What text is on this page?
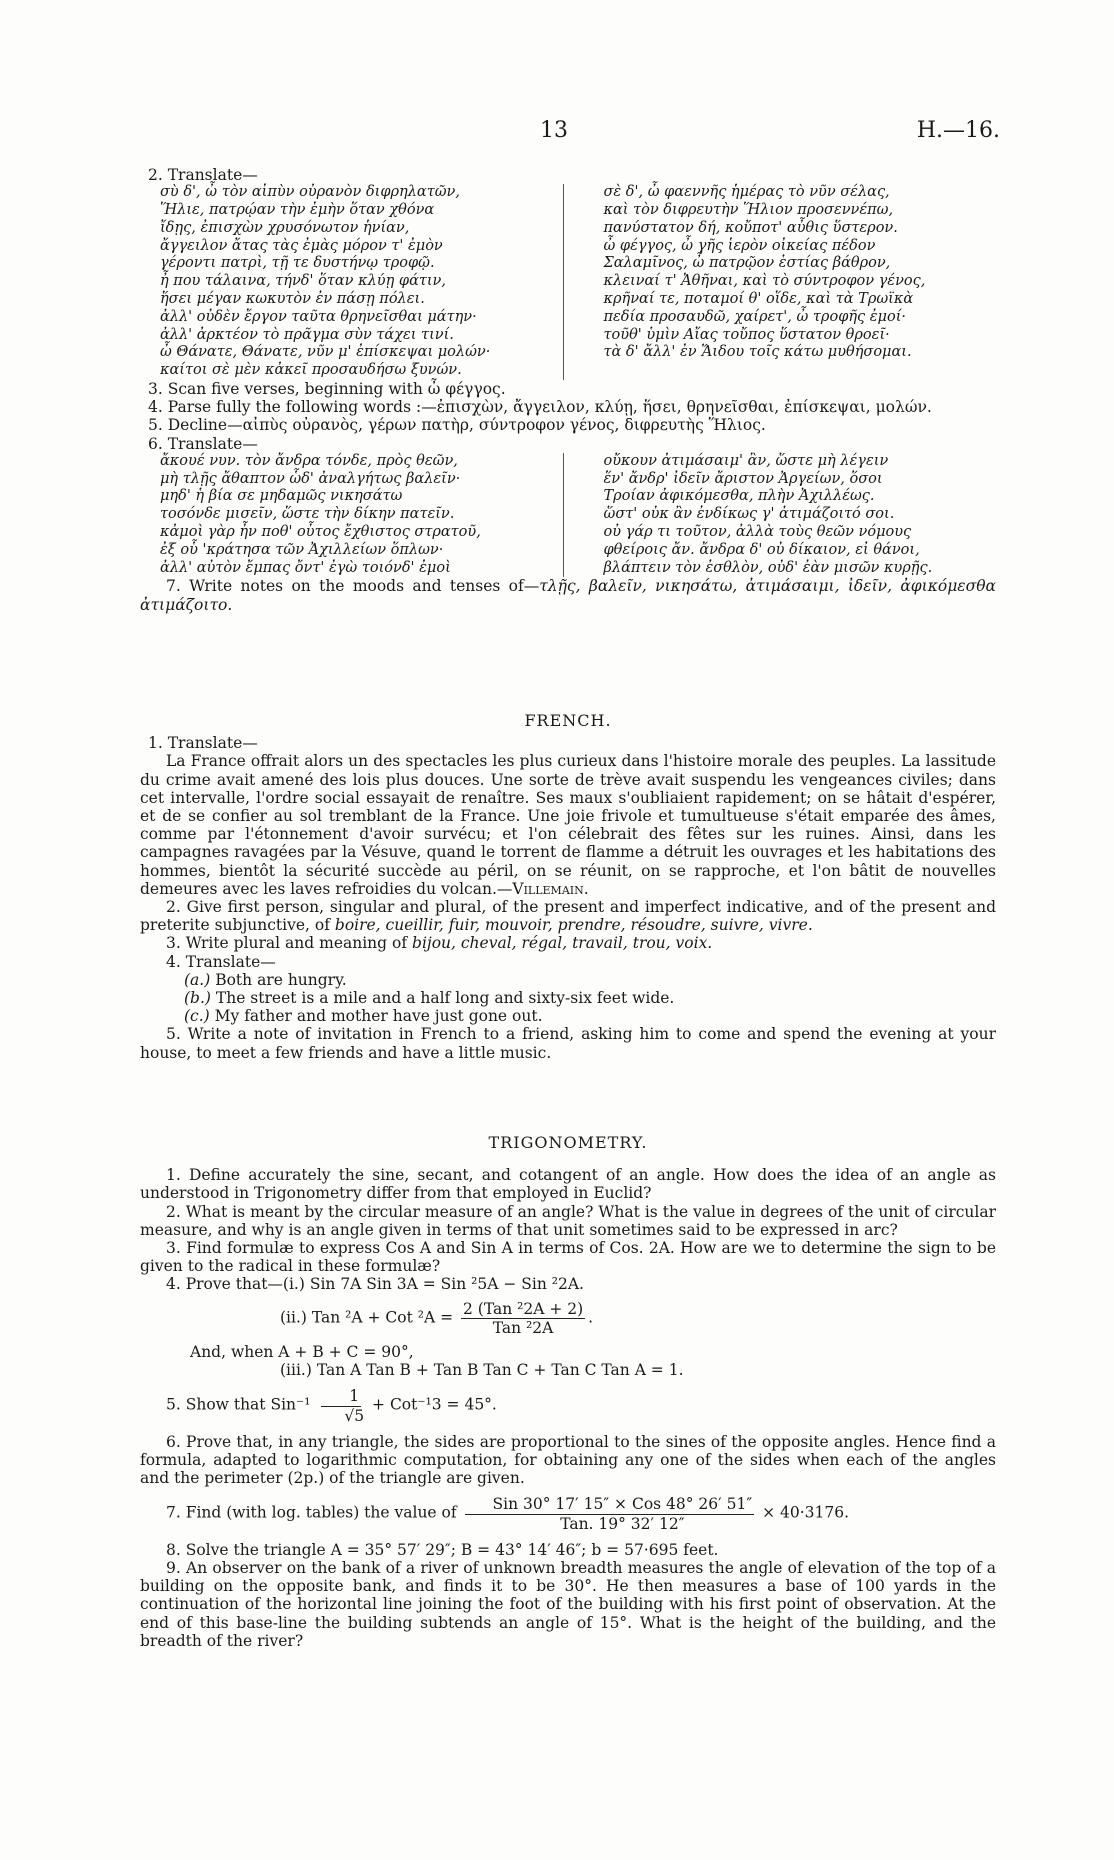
13	H.—16.
2. Translate—
σὺ δ', ὦ τὸν αἰπὺν οὐρανὸν διφρηλατῶν,
Ἥλιε, πατρῴαν τὴν ἐμὴν ὅταν χθόνα
ἴδῃς, ἐπισχὼν χρυσόνωτον ἡνίαν,
ἄγγειλον ἄτας τὰς ἐμὰς μόρον τ' ἐμὸν
γέροντι πατρὶ, τῇ τε δυστήνῳ τροφῷ.
ἦ που τάλαινα, τήνδ' ὅταν κλύῃ φάτιν,
ἥσει μέγαν κωκυτὸν ἐν πάσῃ πόλει.
ἀλλ' οὐδὲν ἔργον ταῦτα θρηνεῖσθαι μάτην·
ἀλλ' ἀρκτέον τὸ πρᾶγμα σὺν τάχει τινί.
ὦ Θάνατε, Θάνατε, νῦν μ' ἐπίσκεψαι μολών·
καίτοι σὲ μὲν κἀκεῖ προσαυδήσω ξυνών.
σὲ δ', ὦ φαεννῆς ἡμέρας τὸ νῦν σέλας,
καὶ τὸν διφρευτὴν Ἥλιον προσεννέπω,
πανύστατον δή, κοὔποτ' αὖθις ὕστερον.
ὦ φέγγος, ὦ γῆς ἱερὸν οἰκείας πέδον
Σαλαμῖνος, ὦ πατρῷον ἑστίας βάθρον,
κλειναί τ' Ἀθῆναι, καὶ τὸ σύντροφον γένος,
κρῆναί τε, ποταμοί θ' οἵδε, καὶ τὰ Τρωϊκὰ
πεδία προσαυδῶ, χαίρετ', ὦ τροφῆς ἐμοί·
τοῦθ' ὑμὶν Αἴας τοὔπος ὕστατον θροεῖ·
τὰ δ' ἄλλ' ἐν Ἅιδου τοῖς κάτω μυθήσομαι.
3. Scan five verses, beginning with ὦ φέγγος.
4. Parse fully the following words :—ἐπισχὼν, ἄγγειλον, κλύῃ, ἥσει, θρηνεῖσθαι, ἐπίσκεψαι, μολών.
5. Decline—αἰπὺς οὐρανὸς, γέρων πατὴρ, σύντροφον γένος, διφρευτὴς Ἥλιος.
6. Translate—
ἄκουέ νυν. τὸν ἄνδρα τόνδε, πρὸς θεῶν,
μὴ τλῇς ἄθαπτον ὧδ' ἀναλγήτως βαλεῖν·
μηδ' ἡ βία σε μηδαμῶς νικησάτω
τοσόνδε μισεῖν, ὥστε τὴν δίκην πατεῖν.
κἀμοὶ γὰρ ἦν ποθ' οὗτος ἔχθιστος στρατοῦ,
ἐξ οὗ 'κράτησα τῶν Ἀχιλλείων ὅπλων·
ἀλλ' αὐτὸν ἔμπας ὄντ' ἐγὼ τοιόνδ' ἐμοὶ
οὔκουν ἀτιμάσαιμ' ἂν, ὥστε μὴ λέγειν
ἕν' ἄνδρ' ἰδεῖν ἄριστον Ἀργείων, ὅσοι
Τροίαν ἀφικόμεσθα, πλὴν Ἀχιλλέως.
ὥστ' οὐκ ἂν ἐνδίκως γ' ἀτιμάζοιτό σοι.
οὐ γάρ τι τοῦτον, ἀλλὰ τοὺς θεῶν νόμους
φθείροις ἄν. ἄνδρα δ' οὐ δίκαιον, εἰ θάνοι,
βλάπτειν τὸν ἐσθλὸν, οὐδ' ἐὰν μισῶν κυρῇς.
7. Write notes on the moods and tenses of—τλῇς, βαλεῖν, νικησάτω, ἀτιμάσαιμι, ἰδεῖν, ἀφικόμεσθα ἀτιμάζοιτο.
FRENCH.
1. Translate—
La France offrait alors un des spectacles les plus curieux dans l'histoire morale des peuples. La lassitude du crime avait amené des lois plus douces. Une sorte de trève avait suspendu les vengeances civiles; dans cet intervalle, l'ordre social essayait de renaître. Ses maux s'oubliaient rapidement; on se hâtait d'espérer, et de se confier au sol tremblant de la France. Une joie frivole et tumultueuse s'était emparée des âmes, comme par l'étonnement d'avoir survécu; et l'on célebrait des fêtes sur les ruines. Ainsi, dans les campagnes ravagées par la Vésuve, quand le torrent de flamme a détruit les ouvrages et les habitations des hommes, bientôt la sécurité succède au péril, on se réunit, on se rapproche, et l'on bâtit de nouvelles demeures avec les laves refroidies du volcan.—Villemain.
2. Give first person, singular and plural, of the present and imperfect indicative, and of the present and preterite subjunctive, of boire, cueillir, fuir, mouvoir, prendre, résoudre, suivre, vivre.
3. Write plural and meaning of bijou, cheval, régal, travail, trou, voix.
4. Translate—
(a.) Both are hungry.
(b.) The street is a mile and a half long and sixty-six feet wide.
(c.) My father and mother have just gone out.
5. Write a note of invitation in French to a friend, asking him to come and spend the evening at your house, to meet a few friends and have a little music.
TRIGONOMETRY.
1. Define accurately the sine, secant, and cotangent of an angle. How does the idea of an angle as understood in Trigonometry differ from that employed in Euclid?
2. What is meant by the circular measure of an angle? What is the value in degrees of the unit of circular measure, and why is an angle given in terms of that unit sometimes said to be expressed in arc?
3. Find formulæ to express Cos A and Sin A in terms of Cos. 2A. How are we to determine the sign to be given to the radical in these formulæ?
4. Prove that—(i.) Sin 7A Sin 3A = Sin ²5A − Sin ²2A.
(ii.) Tan ²A + Cot $^2A = \frac{\text{2 (Tan ²2A + 2)}}{\text{Tan ²2A}}$ .
And, when A + B + C = 90°,
(iii.) Tan A Tan B + Tan B Tan C + Tan C Tan A = 1.
5. Show that $Sin^{-1} \frac{1}{√5} + Cot^{-1}3 = 45^\circ$.
6. Prove that, in any triangle, the sides are proportional to the sines of the opposite angles. Hence find a formula, adapted to logarithmic computation, for obtaining any one of the sides when each of the angles and the perimeter (2p.) of the triangle are given.
7. Find (with log. tables) the value of $\frac{\text{Sin 30° 17′ 15″ × Cos 48° 26′ 51″}}{\text{Tan. 19° 32′ 12″}} \times 40\cdot 3176$.
8. Solve the triangle A = 35° 57′ 29″; B = 43° 14′ 46″; b = 57·695 feet.
9. An observer on the bank of a river of unknown breadth measures the angle of elevation of the top of a building on the opposite bank, and finds it to be 30°. He then measures a base of 100 yards in the continuation of the horizontal line joining the foot of the building with his first point of observation. At the end of this base-line the building subtends an angle of 15°. What is the height of the building, and the breadth of the river?
